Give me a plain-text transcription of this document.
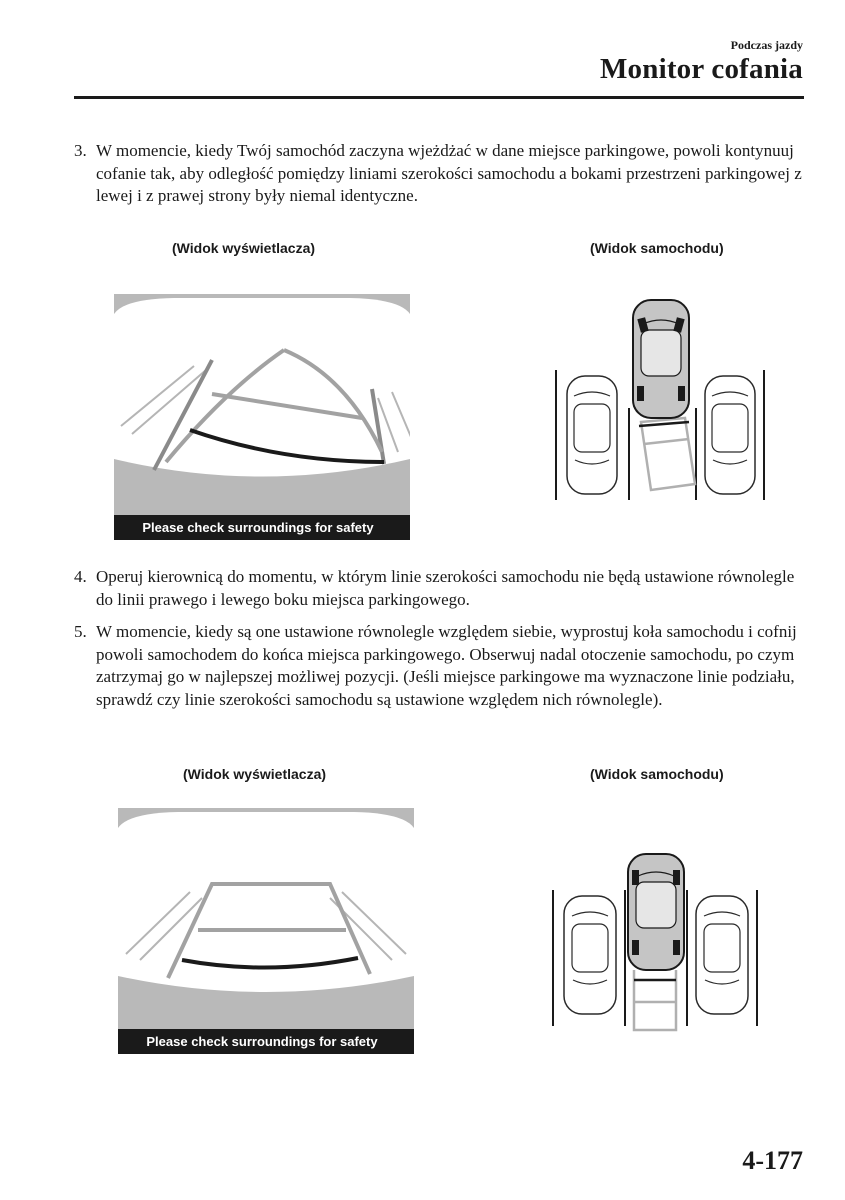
Podczas jazdy
Monitor cofania
3. W momencie, kiedy Twój samochód zaczyna wjeżdżać w dane miejsce parkingowe, powoli kontynuuj cofanie tak, aby odległość pomiędzy liniami szerokości samochodu a bokami przestrzeni parkingowej z lewej i z prawej strony były niemal identyczne.
(Widok wyświetlacza)	(Widok samochodu)
Please check surroundings for safety
4. Operuj kierownicą do momentu, w którym linie szerokości samochodu nie będą ustawione równolegle do linii prawego i lewego boku miejsca parkingowego.
5. W momencie, kiedy są one ustawione równolegle względem siebie, wyprostuj koła samochodu i cofnij powoli samochodem do końca miejsca parkingowego. Obserwuj nadal otoczenie samochodu, po czym zatrzymaj go w najlepszej możliwej pozycji. (Jeśli miejsce parkingowe ma wyznaczone linie podziału, sprawdź czy linie szerokości samochodu są ustawione względem nich równolegle).
(Widok wyświetlacza)	(Widok samochodu)
Please check surroundings for safety
4-177
